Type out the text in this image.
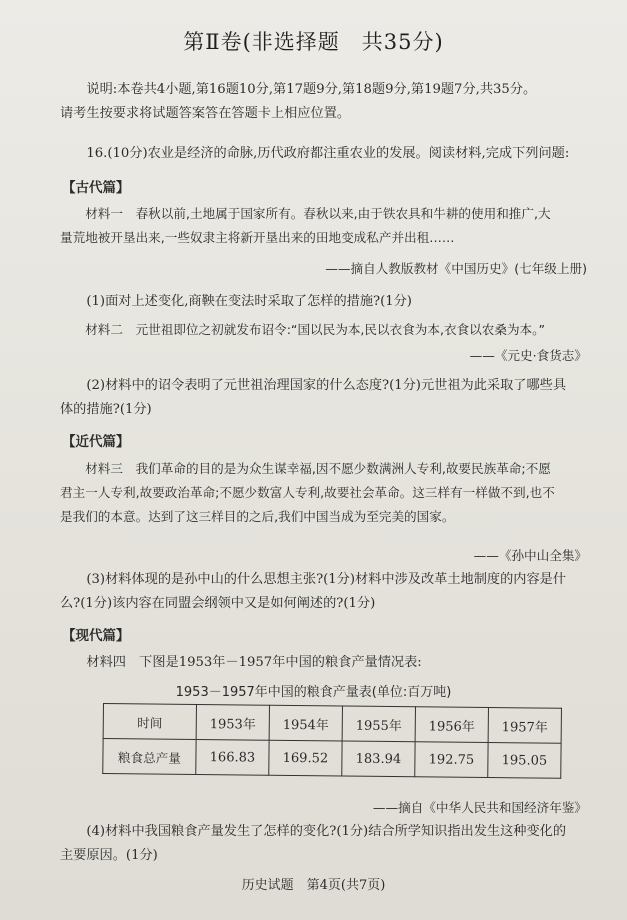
第Ⅱ卷(非选择题　共35分)
说明:本卷共4小题,第16题10分,第17题9分,第18题9分,第19题7分,共35分。
请考生按要求将试题答案答在答题卡上相应位置。
16.(10分)农业是经济的命脉,历代政府都注重农业的发展。阅读材料,完成下列问题:
【古代篇】
材料一　春秋以前,土地属于国家所有。春秋以来,由于铁农具和牛耕的使用和推广,大
量荒地被开垦出来,一些奴隶主将新开垦出来的田地变成私产并出租……
——摘自人教版教材《中国历史》(七年级上册)
(1)面对上述变化,商鞅在变法时采取了怎样的措施?(1分)
材料二　元世祖即位之初就发布诏令:“国以民为本,民以衣食为本,衣食以农桑为本。”
——《元史·食货志》
(2)材料中的诏令表明了元世祖治理国家的什么态度?(1分)元世祖为此采取了哪些具
体的措施?(1分)
【近代篇】
材料三　我们革命的目的是为众生谋幸福,因不愿少数满洲人专利,故要民族革命;不愿
君主一人专利,故要政治革命;不愿少数富人专利,故要社会革命。这三样有一样做不到,也不
是我们的本意。达到了这三样目的之后,我们中国当成为至完美的国家。
——《孙中山全集》
(3)材料体现的是孙中山的什么思想主张?(1分)材料中涉及改革土地制度的内容是什
么?(1分)该内容在同盟会纲领中又是如何阐述的?(1分)
【现代篇】
材料四　下图是1953年－1957年中国的粮食产量情况表:
1953－1957年中国的粮食产量表(单位:百万吨)
时间	1953年	1954年	1955年	1956年	1957年
粮食总产量	166.83	169.52	183.94	192.75	195.05
——摘自《中华人民共和国经济年鉴》
(4)材料中我国粮食产量发生了怎样的变化?(1分)结合所学知识指出发生这种变化的
主要原因。(1分)
历史试题　第4页(共7页)
